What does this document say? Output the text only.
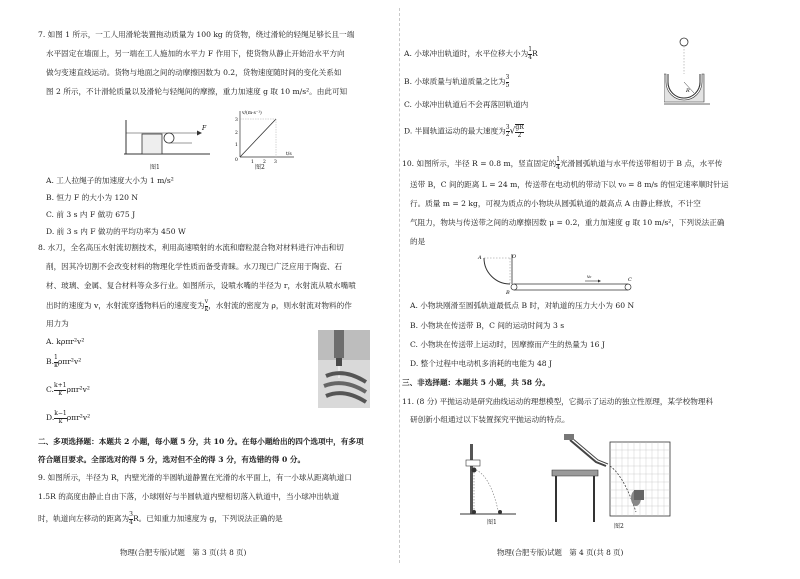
7. 如图 1 所示，一工人用滑轮装置拖动质量为 100 kg 的货物，绕过滑轮的轻绳足够长且一端
水平固定在墙面上，另一端在工人施加的水平力 F 作用下，使货物从静止开始沿水平方向
做匀变速直线运动。货物与地面之间的动摩擦因数为 0.2，货物速度随时间的变化关系如
图 2 所示，不计滑轮质量以及滑轮与轻绳间的摩擦，重力加速度 g 取 10 m/s²。由此可知
F
图1
v/(m·s⁻¹)
t/s
3
2
1
0	1 2 3
图2
A. 工人拉绳子的加速度大小为 1 m/s²
B. 恒力 F 的大小为 120 N
C. 前 3 s 内 F 做功 675 J
D. 前 3 s 内 F 做功的平均功率为 450 W
8. 水刀，全名高压水射流切割技术，利用高速喷射的水流和磨粒混合物对材料进行冲击和切
削，因其冷切割不会改变材料的物理化学性质而备受青睐。水刀现已广泛应用于陶瓷、石
材、玻璃、金属、复合材料等众多行业。如图所示，设喷水嘴的半径为 r，水射流从喷水嘴喷
出时的速度为 v，水射流穿透物料后的速度变为 $\frac{v}{k}$ ，水射流的密度为 ρ，则水射流对物料的作
用力为
A. kρπr²v²
B. $\frac{1}{k} \rho\pi r^2v^2$
C. $\frac{k+1}{k} \rho\pi r^2v^2$
D. $\frac{k-1}{k} \rho\pi r^2v^2$
二、多项选择题：本题共 2 小题，每小题 5 分，共 10 分。在每小题给出的四个选项中，有多项
符合题目要求。全部选对的得 5 分，选对但不全的得 3 分，有选错的得 0 分。
9. 如图所示，半径为 R，内壁光滑的半圆轨道静置在光滑的水平面上，有一小球从距离轨道口
1.5R 的高度由静止自由下落，小球刚好与半圆轨道内壁相切落入轨道中，当小球冲出轨道
时，轨道向左移动的距离为 $\frac{3}{4}$ R。已知重力加速度为 g，下列说法正确的是
物理(合肥专版)试题　第 3 页(共 8 页)
A. 小球冲出轨道时，水平位移大小为 $\frac{1}{4}$ R
B. 小球质量与轨道质量之比为 $\frac{3}{5}$
C. 小球冲出轨道后不会再落回轨道内
D. 半圆轨道运动的最大速度为 $\frac{3}{2}$ √ $\frac{gR}{2}$
R
10. 如图所示，半径 R = 0.8 m，竖直固定的 $\frac{1}{4}$ 光滑圆弧轨道与水平传送带相切于 B 点，水平传
送带 B，C 间的距离 L = 24 m，传送带在电动机的带动下以 v₀ = 8 m/s 的恒定速率顺时针运
行。质量 m = 2 kg，可视为质点的小物块从圆弧轨道的最高点 A 由静止释放，不计空
气阻力，物块与传送带之间的动摩擦因数 μ = 0.2，重力加速度 g 取 10 m/s²，下列说法正确
的是
A	O
B
C
v₀
A. 小物块刚滑至圆弧轨道最低点 B 时，对轨道的压力大小为 60 N
B. 小物块在传送带 B，C 间的运动时间为 3 s
C. 小物块在传送带上运动时，因摩擦而产生的热量为 16 J
D. 整个过程中电动机多消耗的电能为 48 J
三、非选择题：本题共 5 小题，共 58 分。
11. (8 分) 平抛运动是研究曲线运动的理想模型，它揭示了运动的独立性原理，某学校物理科
研创新小组通过以下装置探究平抛运动的特点。
图1
图2
物理(合肥专版)试题　第 4 页(共 8 页)
